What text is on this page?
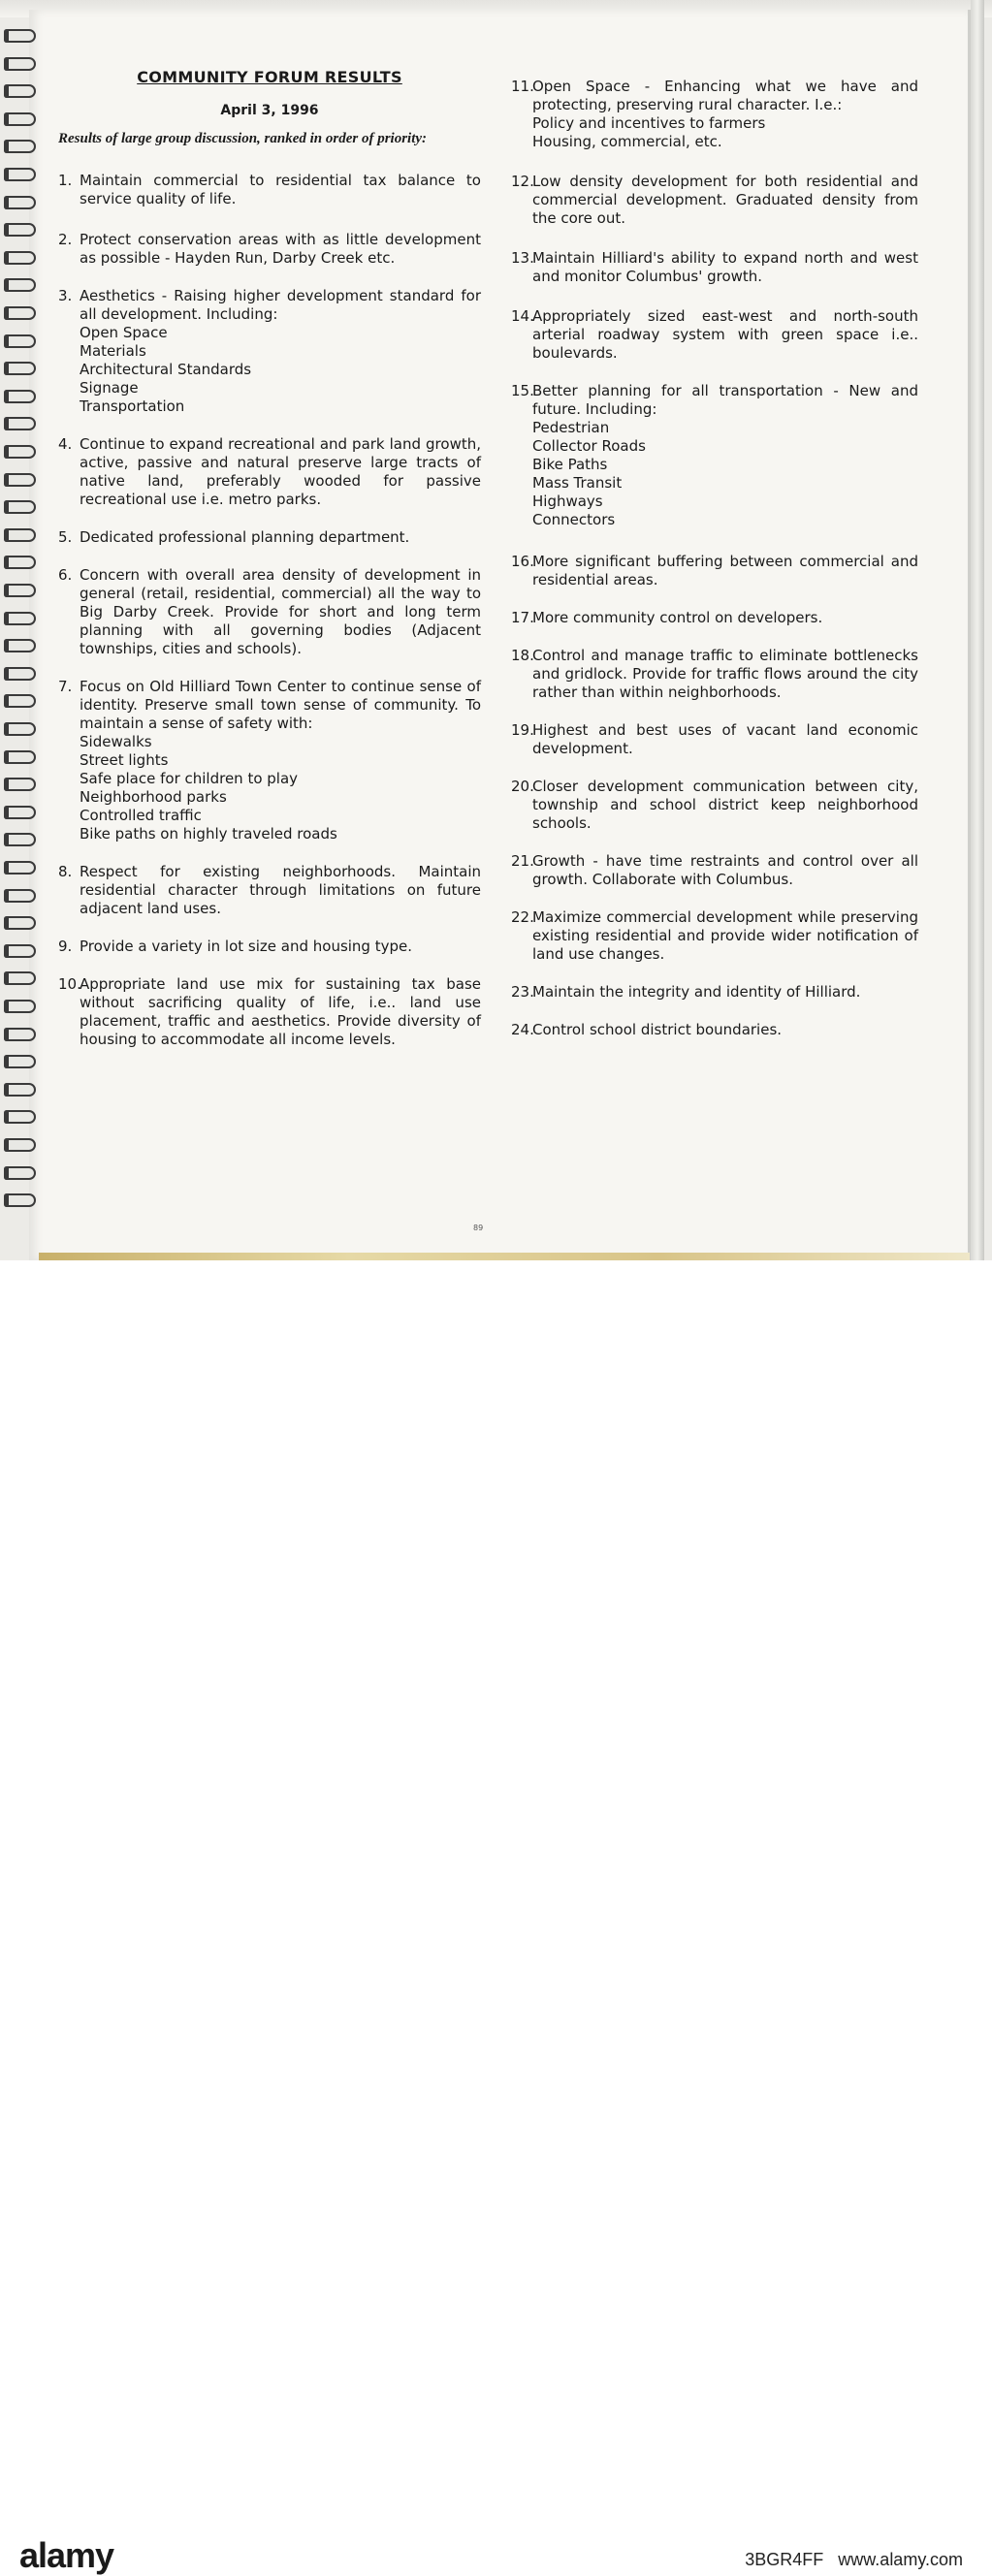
COMMUNITY FORUM RESULTS
April 3, 1996
Results of large group discussion, ranked in order of priority:
1. Maintain commercial to residential tax balance to service quality of life.
2. Protect conservation areas with as little development as possible - Hayden Run, Darby Creek etc.
3. Aesthetics - Raising higher development standard for all development. Including:
Open Space
Materials
Architectural Standards
Signage
Transportation
4. Continue to expand recreational and park land growth, active, passive and natural preserve large tracts of native land, preferably wooded for passive recreational use i.e. metro parks.
5. Dedicated professional planning department.
6. Concern with overall area density of development in general (retail, residential, commercial) all the way to Big Darby Creek. Provide for short and long term planning with all governing bodies (Adjacent townships, cities and schools).
7. Focus on Old Hilliard Town Center to continue sense of identity. Preserve small town sense of community. To maintain a sense of safety with:
Sidewalks
Street lights
Safe place for children to play
Neighborhood parks
Controlled traffic
Bike paths on highly traveled roads
8. Respect for existing neighborhoods. Maintain residential character through limitations on future adjacent land uses.
9. Provide a variety in lot size and housing type.
10.
Appropriate land use mix for sustaining tax base without sacrificing quality of life, i.e.. land use placement, traffic and aesthetics. Provide diversity of housing to accommodate all income levels.
11.
Open Space - Enhancing what we have and protecting, preserving rural character. I.e.:
Policy and incentives to farmers
Housing, commercial, etc.
12.
Low density development for both residential and commercial development. Graduated density from the core out.
13.
Maintain Hilliard's ability to expand north and west and monitor Columbus' growth.
14.
Appropriately sized east-west and north-south arterial roadway system with green space i.e.. boulevards.
15.
Better planning for all transportation - New and future. Including:
Pedestrian
Collector Roads
Bike Paths
Mass Transit
Highways
Connectors
16.
More significant buffering between commercial and residential areas.
17.
More community control on developers.
18.
Control and manage traffic to eliminate bottlenecks and gridlock. Provide for traffic flows around the city rather than within neighborhoods.
19.
Highest and best uses of vacant land economic development.
20.
Closer development communication between city, township and school district keep neighborhood schools.
21.
Growth - have time restraints and control over all growth. Collaborate with Columbus.
22.
Maximize commercial development while preserving existing residential and provide wider notification of land use changes.
23.
Maintain the integrity and identity of Hilliard.
24.
Control school district boundaries.
89
alamy	3BGR4FF www.alamy.com
